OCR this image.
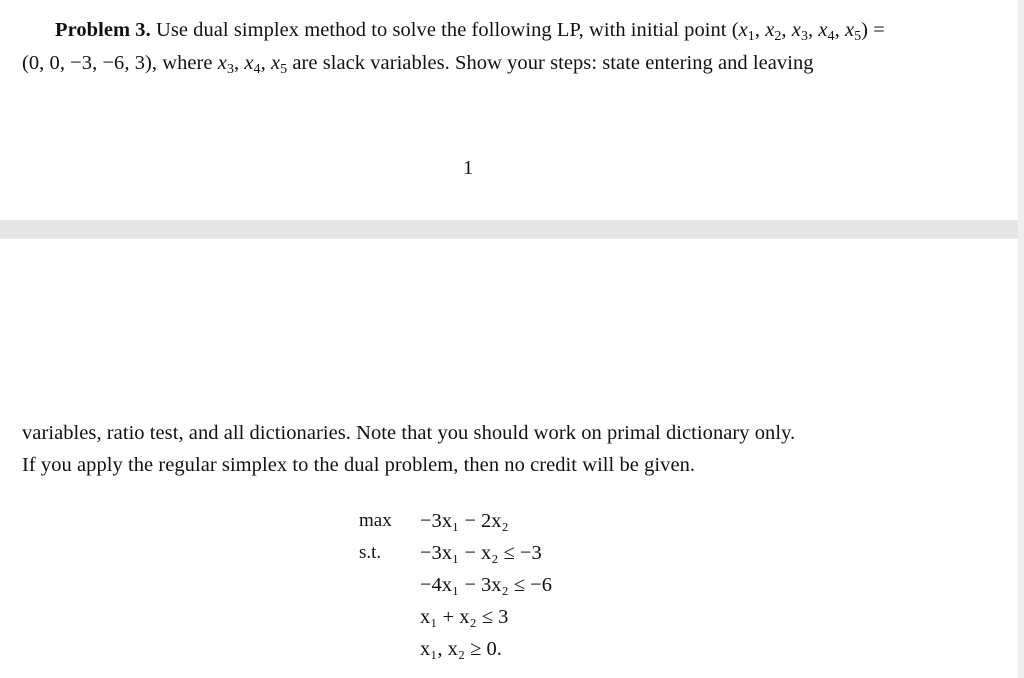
Problem 3. Use dual simplex method to solve the following LP, with initial point ($x_1$, $x_2$, $x_3$, $x_4$, $x_5$) =
(0, 0, −3, −6, 3), where $x_3$, $x_4$, $x_5$ are slack variables. Show your steps: state entering and leaving
1
variables, ratio test, and all dictionaries. Note that you should work on primal dictionary only.
If you apply the regular simplex to the dual problem, then no credit will be given.
max −3x₁ − 2x₂
s.t. −3x₁ − x₂ ≤ −3
−4x₁ − 3x₂ ≤ −6
x₁ + x₂ ≤ 3
x₁, x₂ ≥ 0.
